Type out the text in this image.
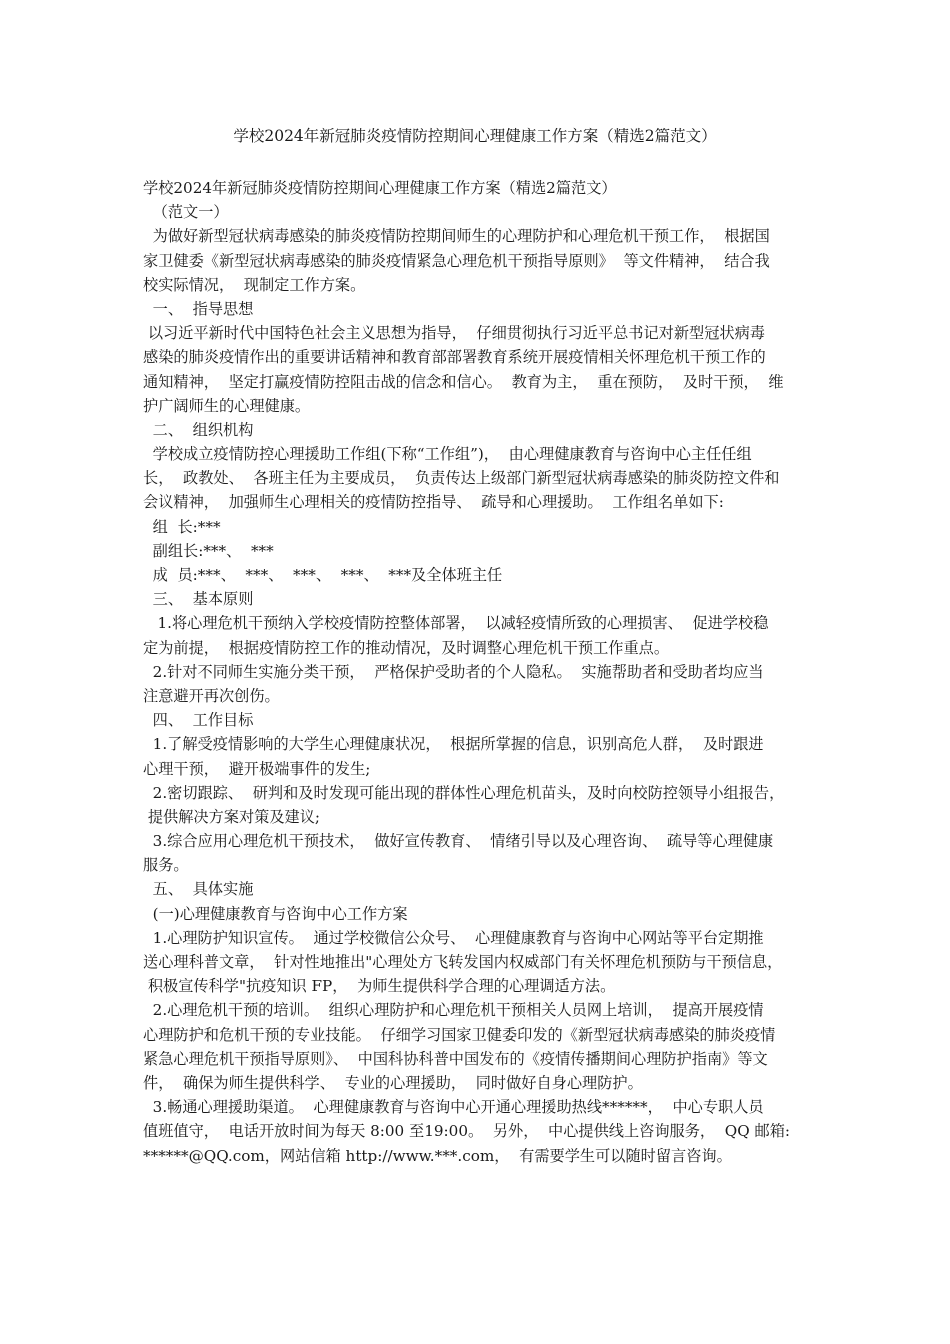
学校2024年新冠肺炎疫情防控期间心理健康工作方案（精选2篇范文）
学校2024年新冠肺炎疫情防控期间心理健康工作方案（精选2篇范文）
（范文一）
为做好新型冠状病毒感染的肺炎疫情防控期间师生的心理防护和心理危机干预工作，  根据国
家卫健委《新型冠状病毒感染的肺炎疫情紧急心理危机干预指导原则》  等文件精神，  结合我
校实际情况，  现制定工作方案。
一、  指导思想
以习近平新时代中国特色社会主义思想为指导，  仔细贯彻执行习近平总书记对新型冠状病毒
感染的肺炎疫情作出的重要讲话精神和教育部部署教育系统开展疫情相关怀理危机干预工作的
通知精神，  坚定打赢疫情防控阻击战的信念和信心。  教育为主，  重在预防，  及时干预，  维
护广阔师生的心理健康。
二、  组织机构
学校成立疫情防控心理援助工作组(下称“工作组”)，  由心理健康教育与咨询中心主任任组
长，  政教处、  各班主任为主要成员，  负责传达上级部门新型冠状病毒感染的肺炎防控文件和
会议精神，  加强师生心理相关的疫情防控指导、  疏导和心理援助。  工作组名单如下:
组  长:***
副组长:***、  ***
成  员:***、  ***、  ***、  ***、  ***及全体班主任
三、  基本原则
1.将心理危机干预纳入学校疫情防控整体部署，  以减轻疫情所致的心理损害、  促进学校稳
定为前提，  根据疫情防控工作的推动情况，及时调整心理危机干预工作重点。
2.针对不同师生实施分类干预，  严格保护受助者的个人隐私。  实施帮助者和受助者均应当
注意避开再次创伤。
四、  工作目标
1.了解受疫情影响的大学生心理健康状况，  根据所掌握的信息，识别高危人群，  及时跟进
心理干预，  避开极端事件的发生;
2.密切跟踪、  研判和及时发现可能出现的群体性心理危机苗头，及时向校防控领导小组报告，
提供解决方案对策及建议;
3.综合应用心理危机干预技术，  做好宣传教育、  情绪引导以及心理咨询、  疏导等心理健康
服务。
五、  具体实施
(一)心理健康教育与咨询中心工作方案
1.心理防护知识宣传。  通过学校微信公众号、  心理健康教育与咨询中心网站等平台定期推
送心理科普文章，  针对性地推出"心理处方飞转发国内权威部门有关怀理危机预防与干预信息，
积极宣传科学"抗疫知识 FP，  为师生提供科学合理的心理调适方法。
2.心理危机干预的培训。  组织心理防护和心理危机干预相关人员网上培训，  提高开展疫情
心理防护和危机干预的专业技能。  仔细学习国家卫健委印发的《新型冠状病毒感染的肺炎疫情
紧急心理危机干预指导原则》、  中国科协科普中国发布的《疫情传播期间心理防护指南》等文
件，  确保为师生提供科学、  专业的心理援助，  同时做好自身心理防护。
3.畅通心理援助渠道。  心理健康教育与咨询中心开通心理援助热线******，  中心专职人员
值班值守，  电话开放时间为每天 8:00 至19:00。  另外，  中心提供线上咨询服务，  QQ 邮箱:
******@QQ.com，网站信箱 http://www.***.com，  有需要学生可以随时留言咨询。
